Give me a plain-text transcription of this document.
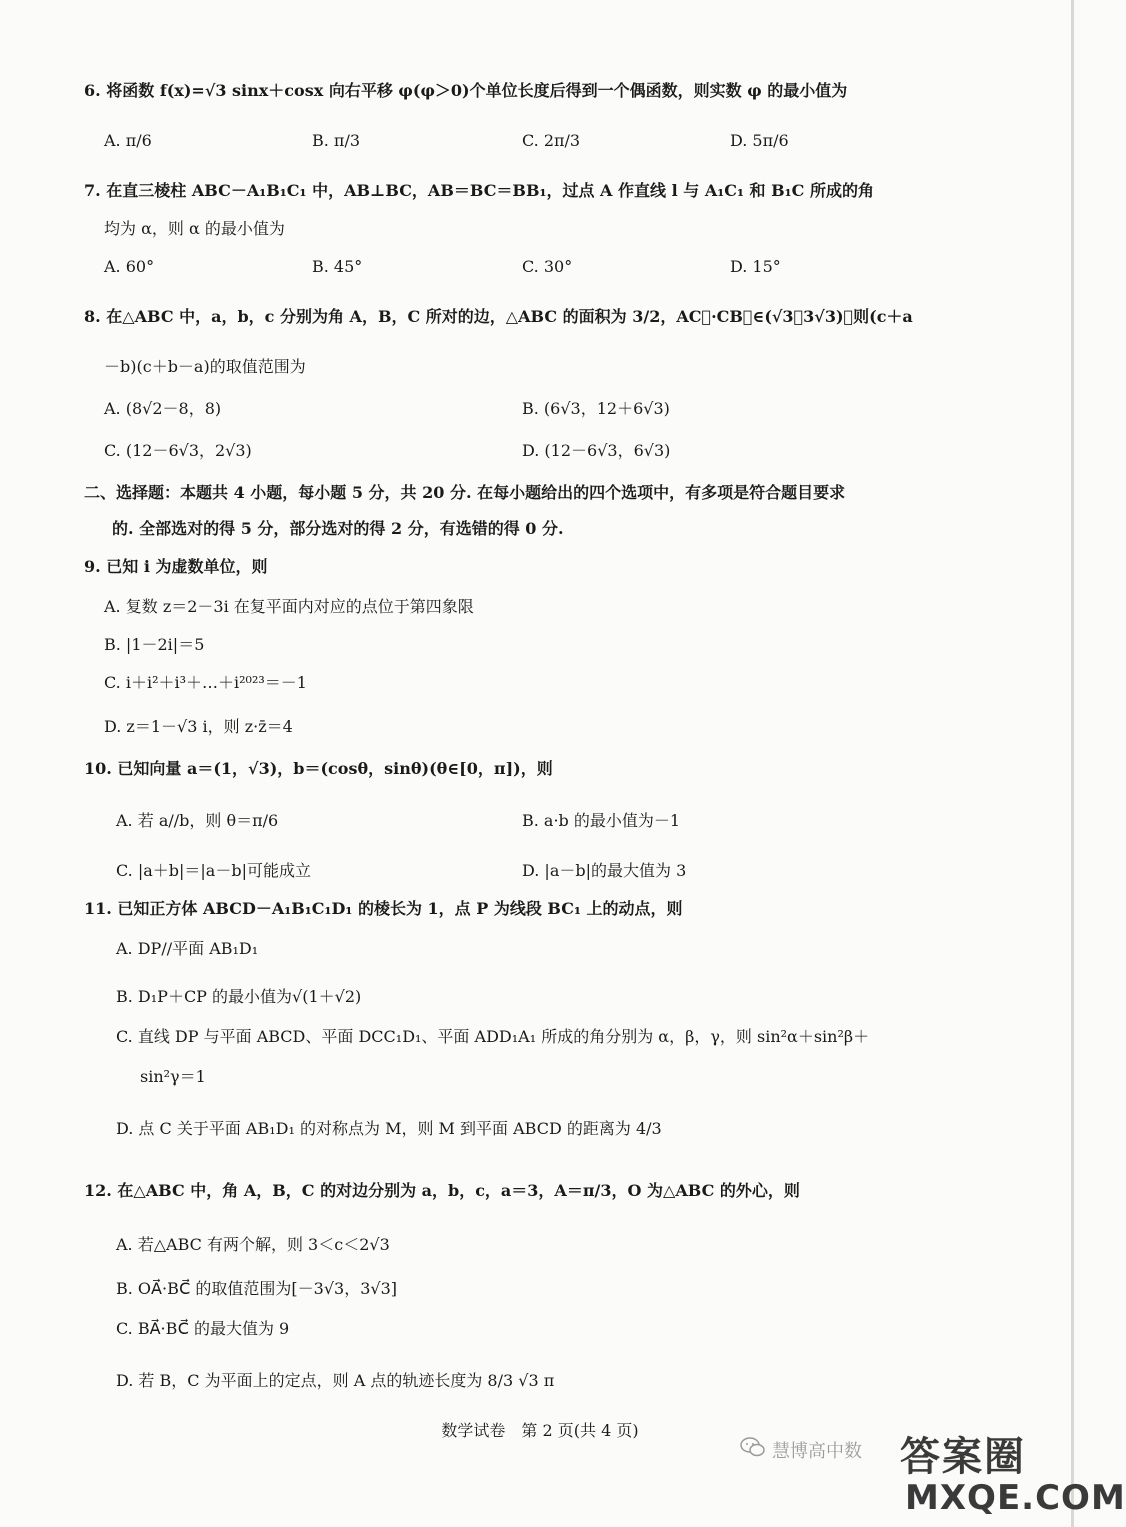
6. 将函数 f(x)=√3 sinx＋cosx 向右平移 φ(φ＞0)个单位长度后得到一个偶函数，则实数 φ 的最小值为
A. π/6	B. π/3	C. 2π/3	D. 5π/6
7. 在直三棱柱 ABC－A₁B₁C₁ 中，AB⊥BC，AB＝BC＝BB₁，过点 A 作直线 l 与 A₁C₁ 和 B₁C 所成的角
均为 α，则 α 的最小值为
A. 60°	B. 45°	C. 30°	D. 15°
8. 在△ABC 中，a，b，c 分别为角 A，B，C 所对的边，△ABC 的面积为 3/2，AC⃗·CB⃗∈(√3，3√3)，则(c＋a
－b)(c＋b－a)的取值范围为
A. (8√2－8，8)	B. (6√3，12＋6√3)
C. (12－6√3，2√3)	D. (12－6√3，6√3)
二、选择题：本题共 4 小题，每小题 5 分，共 20 分. 在每小题给出的四个选项中，有多项是符合题目要求
的. 全部选对的得 5 分，部分选对的得 2 分，有选错的得 0 分.
9. 已知 i 为虚数单位，则
A. 复数 z＝2－3i 在复平面内对应的点位于第四象限
B. |1－2i|＝5
C. i＋i²＋i³＋…＋i²⁰²³＝－1
D. z＝1－√3 i，则 z·z̄＝4
10. 已知向量 a＝(1，√3)，b＝(cosθ，sinθ)(θ∈[0，π])，则
A. 若 a//b，则 θ＝π/6	B. a·b 的最小值为－1
C. |a＋b|＝|a－b|可能成立	D. |a－b|的最大值为 3
11. 已知正方体 ABCD－A₁B₁C₁D₁ 的棱长为 1，点 P 为线段 BC₁ 上的动点，则
A. DP//平面 AB₁D₁
B. D₁P＋CP 的最小值为√(1＋√2)
C. 直线 DP 与平面 ABCD、平面 DCC₁D₁、平面 ADD₁A₁ 所成的角分别为 α，β，γ，则 sin²α＋sin²β＋
sin²γ＝1
D. 点 C 关于平面 AB₁D₁ 的对称点为 M，则 M 到平面 ABCD 的距离为 4/3
12. 在△ABC 中，角 A，B，C 的对边分别为 a，b，c，a＝3，A＝π/3，O 为△ABC 的外心，则
A. 若△ABC 有两个解，则 3＜c＜2√3
B. OA⃗·BC⃗ 的取值范围为[－3√3，3√3]
C. BA⃗·BC⃗ 的最大值为 9
D. 若 B，C 为平面上的定点，则 A 点的轨迹长度为 8/3 √3 π
数学试卷　第 2 页(共 4 页)
慧博高中数 答案圈
MXQE.COM
